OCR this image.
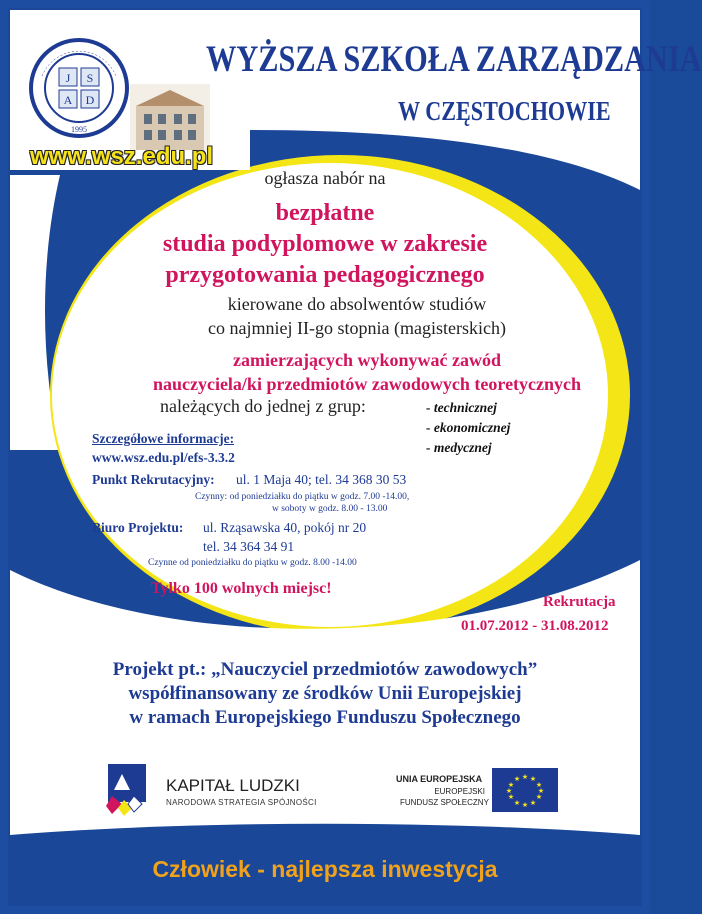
J S
A D
1995
WYŻSZA SZKOŁA ZARZĄDZANIA
W CZĘSTOCHOWIE
www.wsz.edu.pl
ogłasza nabór na
bezpłatne
studia podyplomowe w zakresie
przygotowania pedagogicznego
kierowane do absolwentów studiów
co najmniej II-go stopnia (magisterskich)
zamierzających wykonywać zawód
nauczyciela/ki przedmiotów zawodowych teoretycznych
należących do jednej z grup:	- technicznej
- ekonomicznej
- medycznej
Szczegółowe informacje:
www.wsz.edu.pl/efs-3.3.2
Punkt Rekrutacyjny: ul. 1 Maja 40; tel. 34 368 30 53
Czynny: od poniedziałku do piątku w godz. 7.00 -14.00,
w soboty w godz. 8.00 - 13.00
Biuro Projektu: ul. Rząsawska 40, pokój nr 20
tel. 34 364 34 91
Czynne od poniedziałku do piątku w godz. 8.00 -14.00
Tylko 100 wolnych miejsc!
Rekrutacja
01.07.2012 - 31.08.2012
Projekt pt.: „Nauczyciel przedmiotów zawodowych”
współfinansowany ze środków Unii Europejskiej
w ramach Europejskiego Funduszu Społecznego
KAPITAŁ LUDZKI
NARODOWA STRATEGIA SPÓJNOŚCI
UNIA EUROPEJSKA
EUROPEJSKI
FUNDUSZ SPOŁECZNY
★ ★
★
★
★
★
★
★
★
★
★
★
Człowiek - najlepsza inwestycja
